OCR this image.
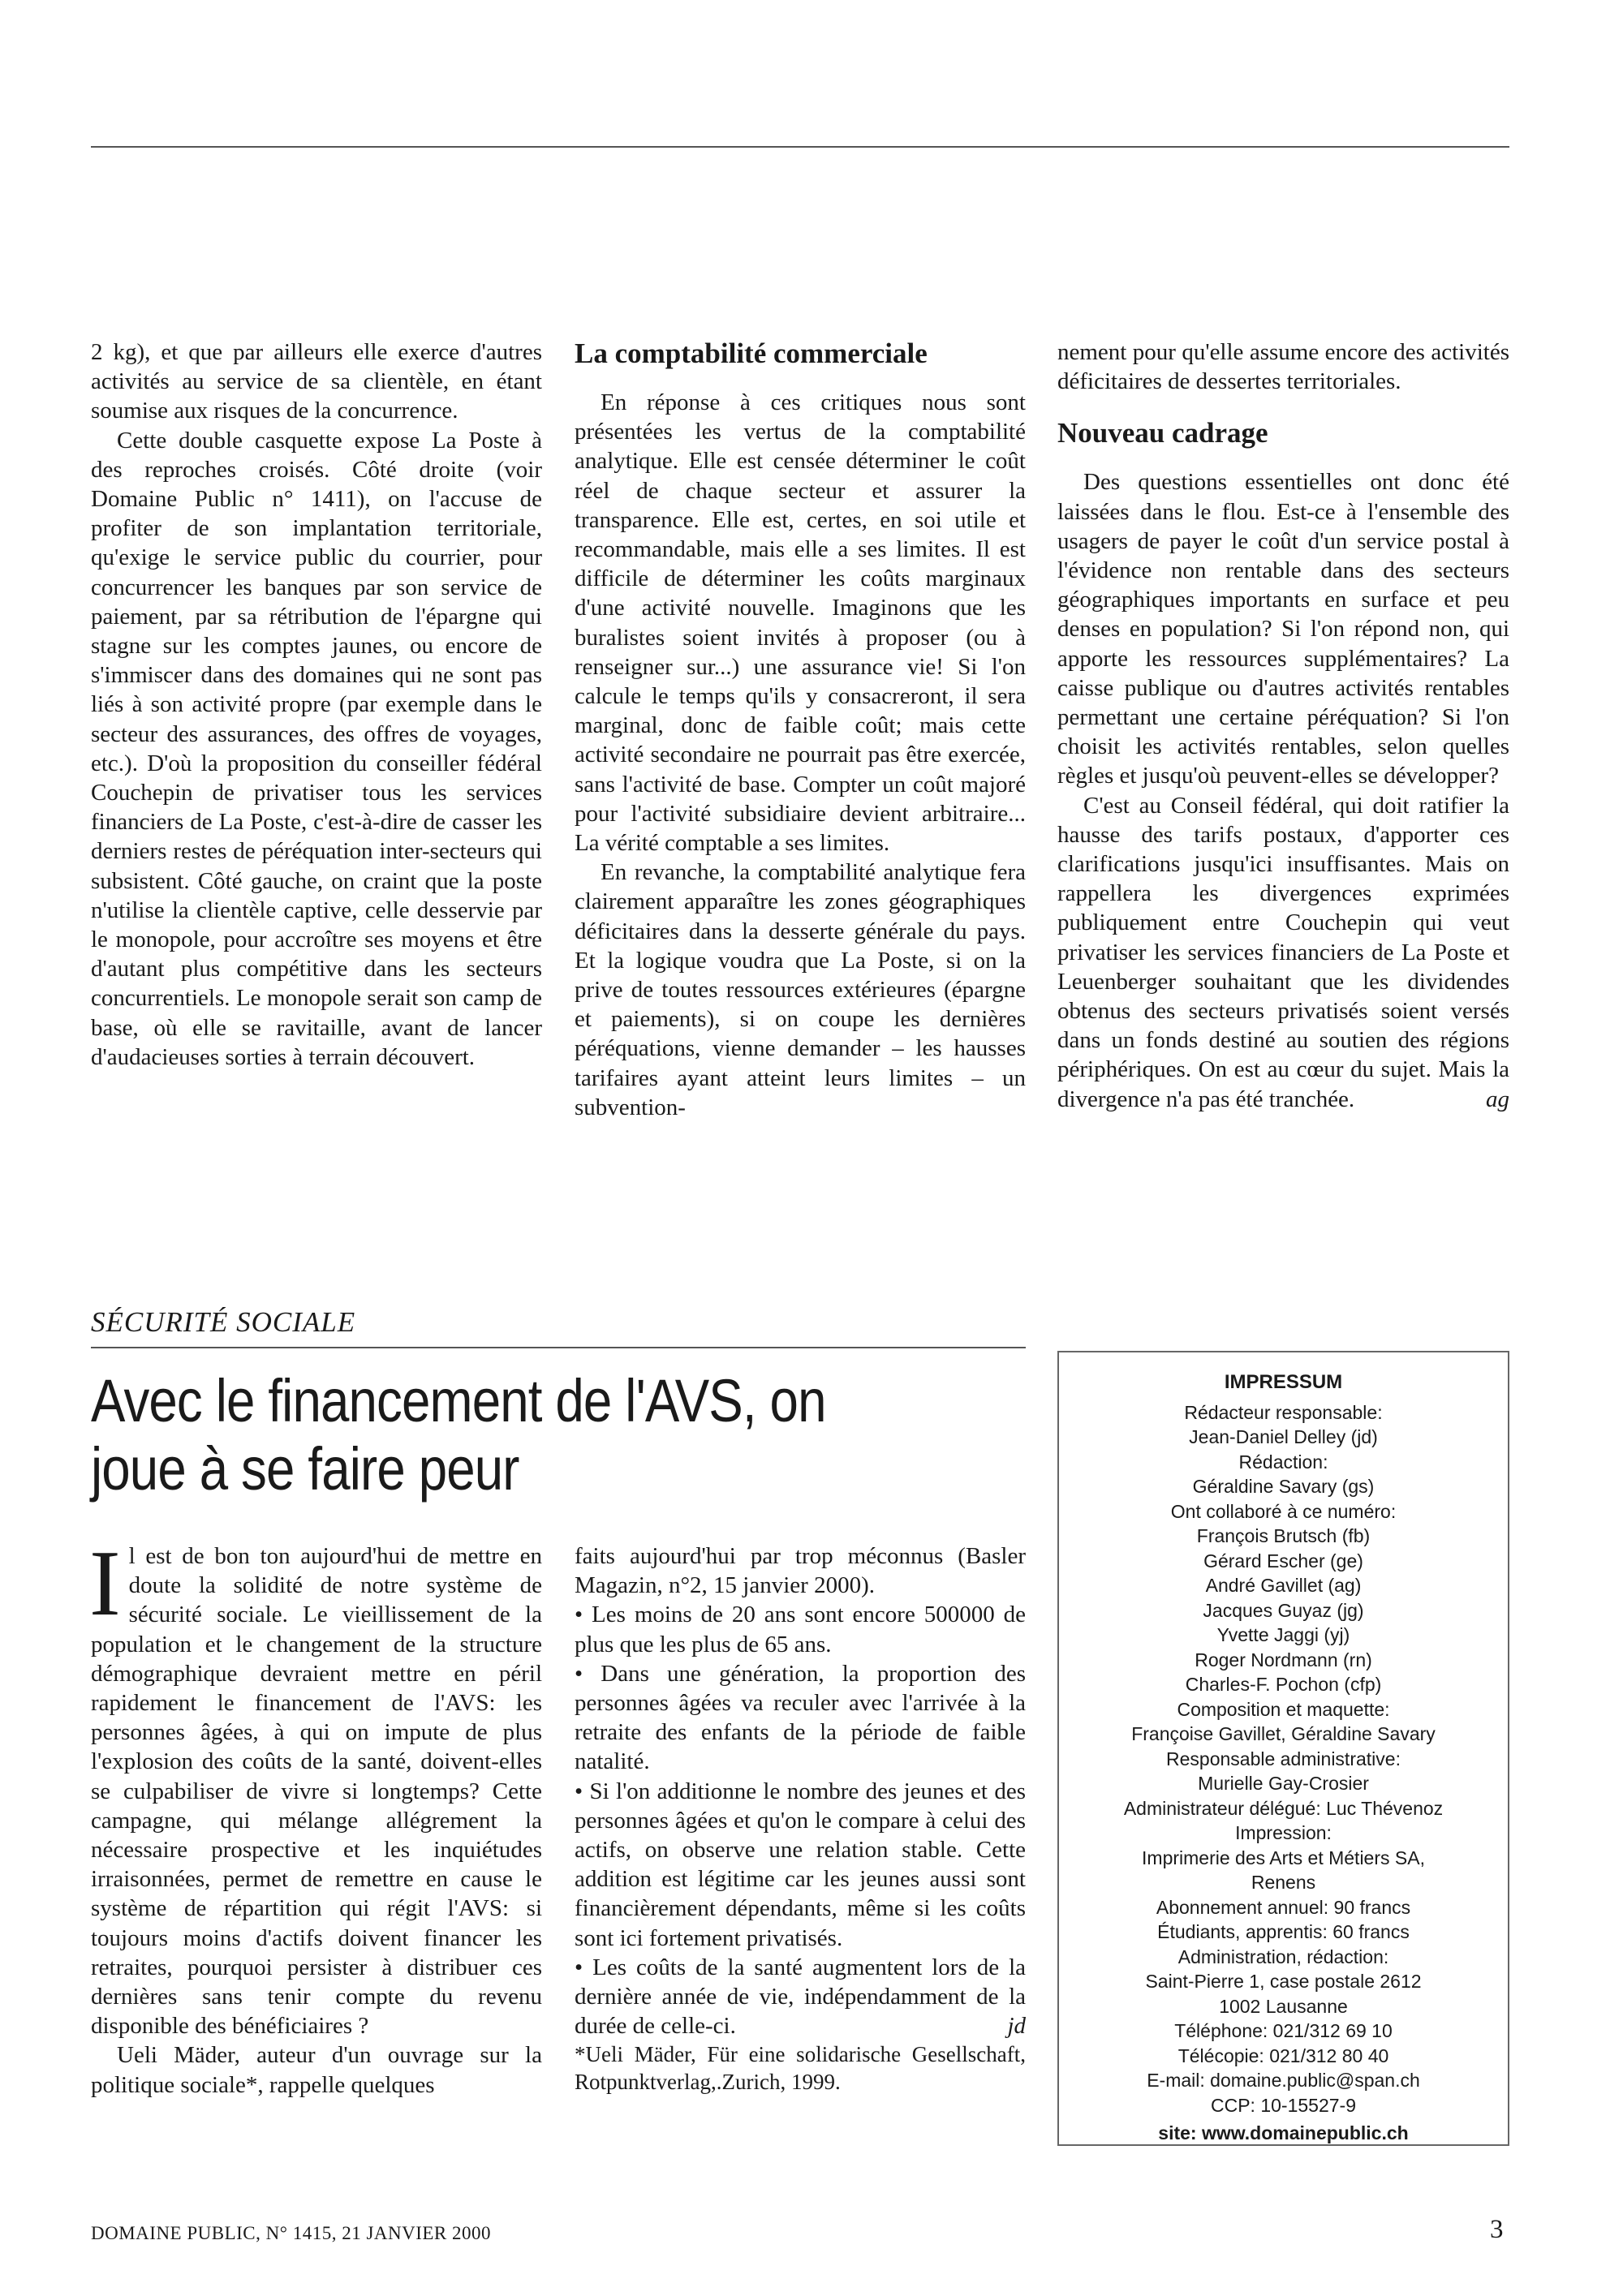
2 kg), et que par ailleurs elle exerce d'autres activités au service de sa clientèle, en étant soumise aux risques de la concurrence.

Cette double casquette expose La Poste à des reproches croisés. Côté droite (voir Domaine Public n° 1411), on l'accuse de profiter de son implantation territoriale, qu'exige le service public du courrier, pour concurrencer les banques par son service de paiement, par sa rétribution de l'épargne qui stagne sur les comptes jaunes, ou encore de s'immiscer dans des domaines qui ne sont pas liés à son activité propre (par exemple dans le secteur des assurances, des offres de voyages, etc.). D'où la proposition du conseiller fédéral Couchepin de privatiser tous les services financiers de La Poste, c'est-à-dire de casser les derniers restes de péréquation inter-secteurs qui subsistent. Côté gauche, on craint que la poste n'utilise la clientèle captive, celle desservie par le monopole, pour accroître ses moyens et être d'autant plus compétitive dans les secteurs concurrentiels. Le monopole serait son camp de base, où elle se ravitaille, avant de lancer d'audacieuses sorties à terrain découvert.

La comptabilité commerciale

En réponse à ces critiques nous sont présentées les vertus de la comptabilité analytique. Elle est censée déterminer le coût réel de chaque secteur et assurer la transparence. Elle est, certes, en soi utile et recommandable, mais elle a ses limites. Il est difficile de déterminer les coûts marginaux d'une activité nouvelle. Imaginons que les buralistes soient invités à proposer (ou à renseigner sur...) une assurance vie! Si l'on calcule le temps qu'ils y consacreront, il sera marginal, donc de faible coût; mais cette activité secondaire ne pourrait pas être exercée, sans l'activité de base. Compter un coût majoré pour l'activité subsidiaire devient arbitraire... La vérité comptable a ses limites.

En revanche, la comptabilité analytique fera clairement apparaître les zones géographiques déficitaires dans la desserte générale du pays. Et la logique voudra que La Poste, si on la prive de toutes ressources extérieures (épargne et paiements), si on coupe les dernières péréquations, vienne demander – les hausses tarifaires ayant atteint leurs limites – un subvention-

nement pour qu'elle assume encore des activités déficitaires de dessertes territoriales.

Nouveau cadrage

Des questions essentielles ont donc été laissées dans le flou. Est-ce à l'ensemble des usagers de payer le coût d'un service postal à l'évidence non rentable dans des secteurs géographiques importants en surface et peu denses en population? Si l'on répond non, qui apporte les ressources supplémentaires? La caisse publique ou d'autres activités rentables permettant une certaine péréquation? Si l'on choisit les activités rentables, selon quelles règles et jusqu'où peuvent-elles se développer?

C'est au Conseil fédéral, qui doit ratifier la hausse des tarifs postaux, d'apporter ces clarifications jusqu'ici insuffisantes. Mais on rappellera les divergences exprimées publiquement entre Couchepin qui veut privatiser les services financiers de La Poste et Leuenberger souhaitant que les dividendes obtenus des secteurs privatisés soient versés dans un fonds destiné au soutien des régions périphériques. On est au cœur du sujet. Mais la divergence n'a pas été tranchée.	ag

SÉCURITÉ SOCIALE
Avec le financement de l'AVS, on joue à se faire peur

Il est de bon ton aujourd'hui de mettre en doute la solidité de notre système de sécurité sociale. Le vieillissement de la population et le changement de la structure démographique devraient mettre en péril rapidement le financement de l'AVS: les personnes âgées, à qui on impute de plus l'explosion des coûts de la santé, doivent-elles se culpabiliser de vivre si longtemps? Cette campagne, qui mélange allégrement la nécessaire prospective et les inquiétudes irraisonnées, permet de remettre en cause le système de répartition qui régit l'AVS: si toujours moins d'actifs doivent financer les retraites, pourquoi persister à distribuer ces dernières sans tenir compte du revenu disponible des bénéficiaires ?

Ueli Mäder, auteur d'un ouvrage sur la politique sociale*, rappelle quelques

faits aujourd'hui par trop méconnus (Basler Magazin, n°2, 15 janvier 2000).

• Les moins de 20 ans sont encore 500000 de plus que les plus de 65 ans.

• Dans une génération, la proportion des personnes âgées va reculer avec l'arrivée à la retraite des enfants de la période de faible natalité.

• Si l'on additionne le nombre des jeunes et des personnes âgées et qu'on le compare à celui des actifs, on observe une relation stable. Cette addition est légitime car les jeunes aussi sont financièrement dépendants, même si les coûts sont ici fortement privatisés.

• Les coûts de la santé augmentent lors de la dernière année de vie, indépendamment de la durée de celle-ci.	jd

*Ueli Mäder, Für eine solidarische Gesellschaft, Rotpunktverlag,.Zurich, 1999.

IMPRESSUM
Rédacteur responsable:
Jean-Daniel Delley (jd)
Rédaction:
Géraldine Savary (gs)
Ont collaboré à ce numéro:
François Brutsch (fb)
Gérard Escher (ge)
André Gavillet (ag)
Jacques Guyaz (jg)
Yvette Jaggi (yj)
Roger Nordmann (rn)
Charles-F. Pochon (cfp)
Composition et maquette:
Françoise Gavillet, Géraldine Savary
Responsable administrative:
Murielle Gay-Crosier
Administrateur délégué: Luc Thévenoz
Impression:
Imprimerie des Arts et Métiers SA,
Renens
Abonnement annuel: 90 francs
Étudiants, apprentis: 60 francs
Administration, rédaction:
Saint-Pierre 1, case postale 2612
1002 Lausanne
Téléphone: 021/312 69 10
Télécopie: 021/312 80 40
E-mail: domaine.public@span.ch
CCP: 10-15527-9
site: www.domainepublic.ch
DOMAINE PUBLIC, N° 1415, 21 JANVIER 2000	3
